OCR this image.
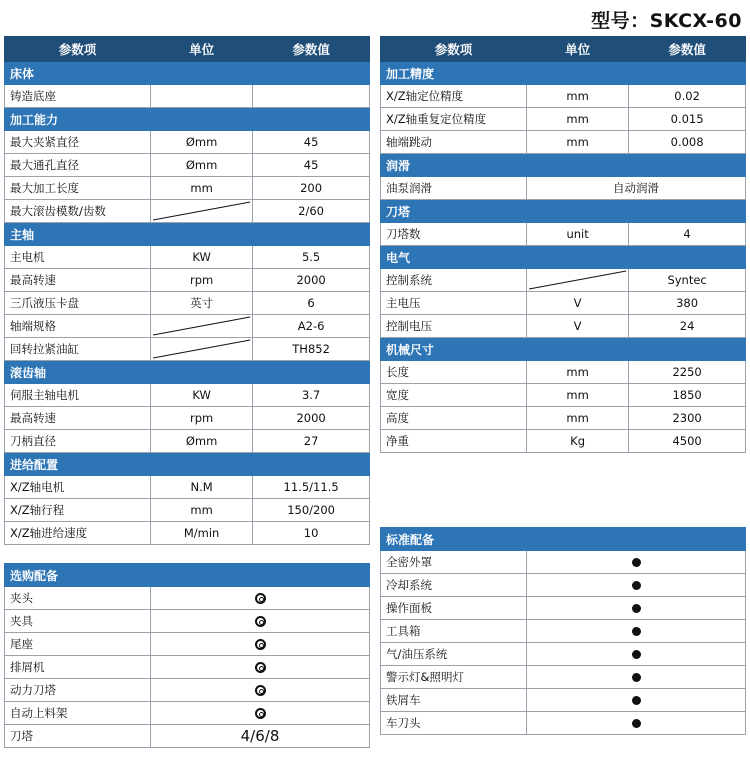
型号：SKCX-60
参数项	单位	参数值
床体		
铸造底座		
加工能力		
最大夹紧直径	Ømm	45
最大通孔直径	Ømm	45
最大加工长度	mm	200
最大滚齿模数/齿数		2/60
主轴		
主电机	KW	5.5
最高转速	rpm	2000
三爪液压卡盘	英寸	6
轴端规格		A2-6
回转拉紧油缸		TH852
滚齿轴		
伺服主轴电机	KW	3.7
最高转速	rpm	2000
刀柄直径	Ømm	27
进给配置		
X/Z轴电机	N.M	11.5/11.5
X/Z轴行程	mm	150/200
X/Z轴进给速度	M/min	10
选购配备	
夹头	
夹具	
尾座	
排屑机	
动力刀塔	
自动上料架	
刀塔	4/6/8
参数项	单位	参数值
加工精度		
X/Z轴定位精度	mm	0.02
X/Z轴重复定位精度	mm	0.015
轴端跳动	mm	0.008
润滑		
油泵润滑	自动润滑	
刀塔		
刀塔数	unit	4
电气		
控制系统		Syntec
主电压	V	380
控制电压	V	24
机械尺寸		
长度	mm	2250
宽度	mm	1850
高度	mm	2300
净重	Kg	4500
标准配备	
全密外罩	
冷却系统	
操作面板	
工具箱	
气/油压系统	
警示灯&照明灯	
铁屑车	
车刀头	
